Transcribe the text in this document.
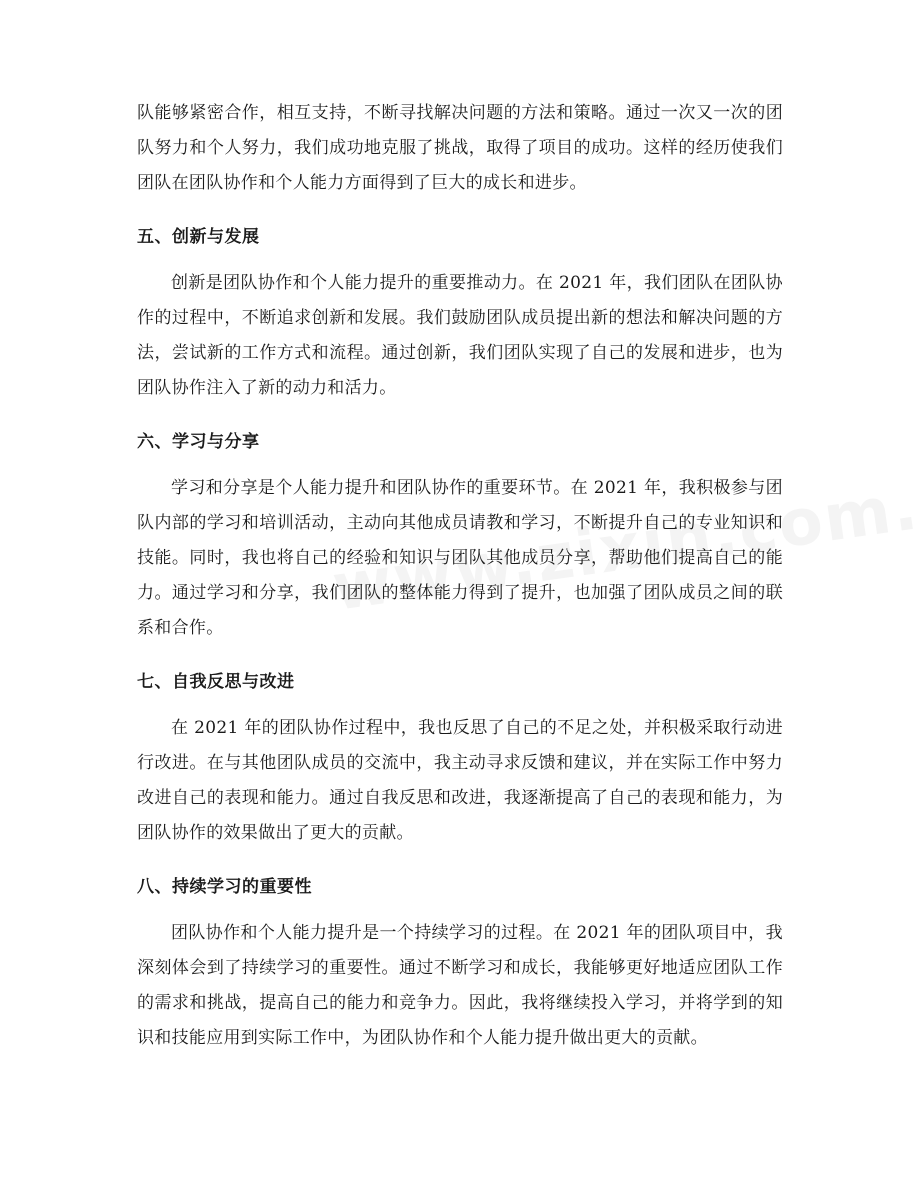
队能够紧密合作，相互支持，不断寻找解决问题的方法和策略。通过一次又一次的团队努力和个人努力，我们成功地克服了挑战，取得了项目的成功。这样的经历使我们团队在团队协作和个人能力方面得到了巨大的成长和进步。

五、创新与发展

创新是团队协作和个人能力提升的重要推动力。在 2021 年，我们团队在团队协作的过程中，不断追求创新和发展。我们鼓励团队成员提出新的想法和解决问题的方法，尝试新的工作方式和流程。通过创新，我们团队实现了自己的发展和进步，也为团队协作注入了新的动力和活力。

六、学习与分享

学习和分享是个人能力提升和团队协作的重要环节。在 2021 年，我积极参与团队内部的学习和培训活动，主动向其他成员请教和学习，不断提升自己的专业知识和技能。同时，我也将自己的经验和知识与团队其他成员分享，帮助他们提高自己的能力。通过学习和分享，我们团队的整体能力得到了提升，也加强了团队成员之间的联系和合作。

七、自我反思与改进

在 2021 年的团队协作过程中，我也反思了自己的不足之处，并积极采取行动进行改进。在与其他团队成员的交流中，我主动寻求反馈和建议，并在实际工作中努力改进自己的表现和能力。通过自我反思和改进，我逐渐提高了自己的表现和能力，为团队协作的效果做出了更大的贡献。

八、持续学习的重要性

团队协作和个人能力提升是一个持续学习的过程。在 2021 年的团队项目中，我深刻体会到了持续学习的重要性。通过不断学习和成长，我能够更好地适应团队工作的需求和挑战，提高自己的能力和竞争力。因此，我将继续投入学习，并将学到的知识和技能应用到实际工作中，为团队协作和个人能力提升做出更大的贡献。
